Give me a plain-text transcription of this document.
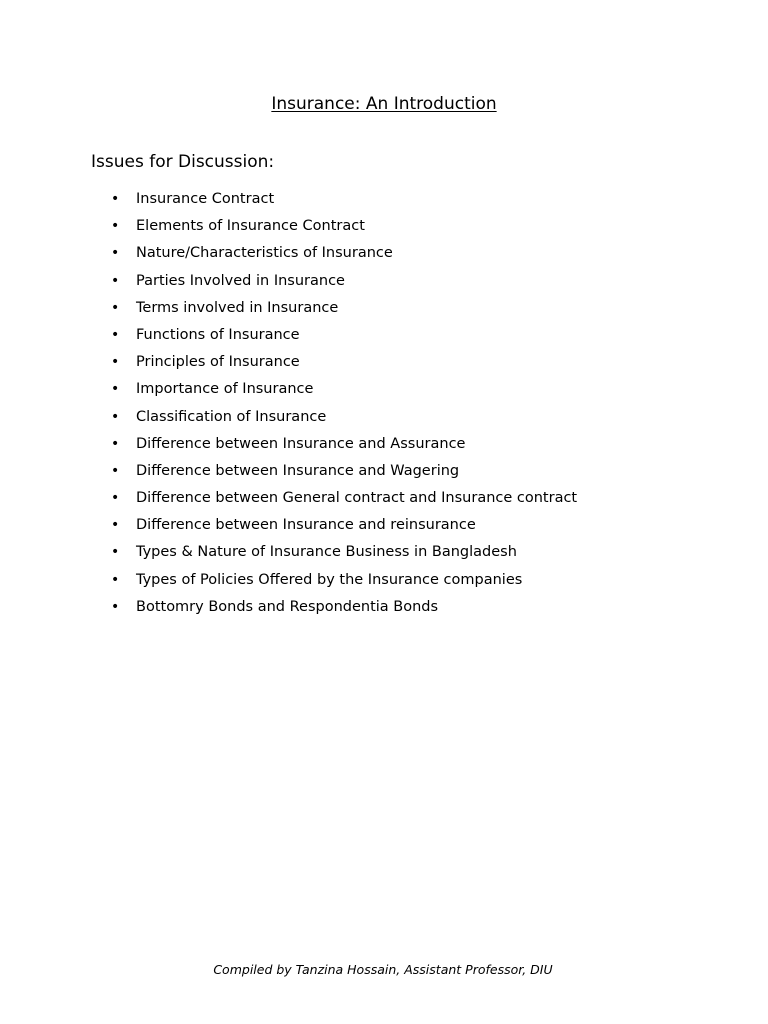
Insurance: An Introduction
Issues for Discussion:
• Insurance Contract
• Elements of Insurance Contract
• Nature/Characteristics of Insurance
• Parties Involved in Insurance
• Terms involved in Insurance
• Functions of Insurance
• Principles of Insurance
• Importance of Insurance
• Classification of Insurance
• Difference between Insurance and Assurance
• Difference between Insurance and Wagering
• Difference between General contract and Insurance contract
• Difference between Insurance and reinsurance
• Types & Nature of Insurance Business in Bangladesh
• Types of Policies Offered by the Insurance companies
• Bottomry Bonds and Respondentia Bonds
Compiled by Tanzina Hossain, Assistant Professor, DIU
